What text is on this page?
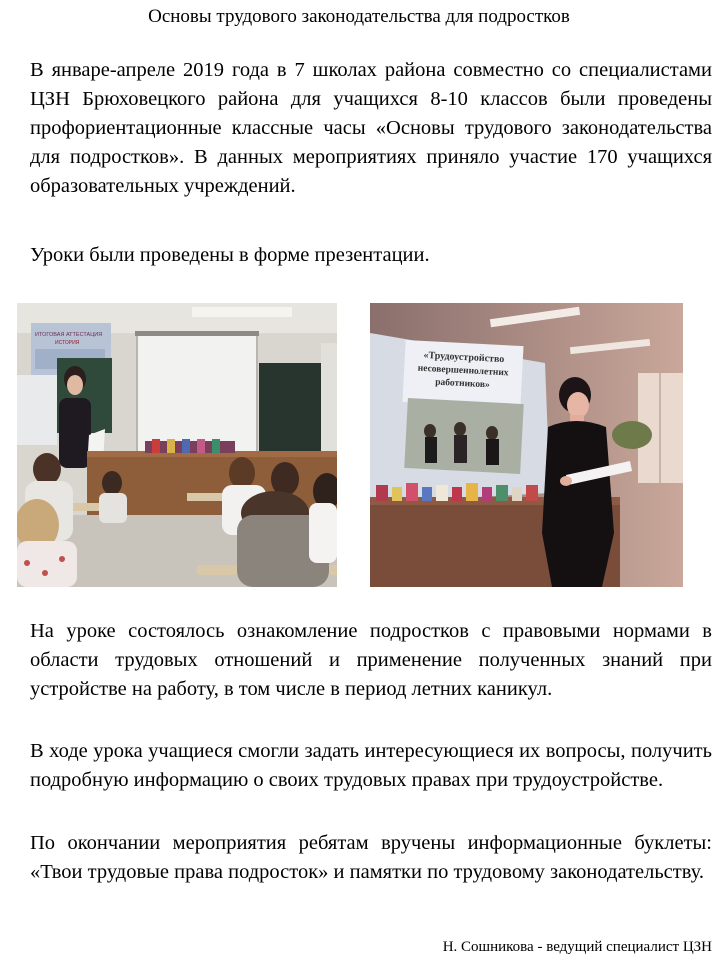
Основы трудового законодательства для подростков

В январе-апреле 2019 года в 7 школах района совместно со специалистами ЦЗН Брюховецкого района для учащихся 8-10 классов были проведены профориентационные классные часы «Основы трудового законодательства для подростков». В данных мероприятиях приняло участие 170 учащихся образовательных учреждений.

Уроки были проведены в форме презентации.

ИТОГОВАЯ АТТЕСТАЦИЯ
ИСТОРИЯ
«Трудоустройство
несовершеннолетних
работников»

На уроке состоялось ознакомление подростков с правовыми нормами в области трудовых отношений и применение полученных знаний при устройстве на работу, в том числе в период летних каникул.

В ходе урока учащиеся смогли задать интересующиеся их вопросы, получить подробную информацию о своих трудовых правах при трудоустройстве.

По окончании мероприятия ребятам вручены информационные буклеты: «Твои трудовые права подросток» и памятки по трудовому законодательству.

Н. Сошникова - ведущий специалист ЦЗН
